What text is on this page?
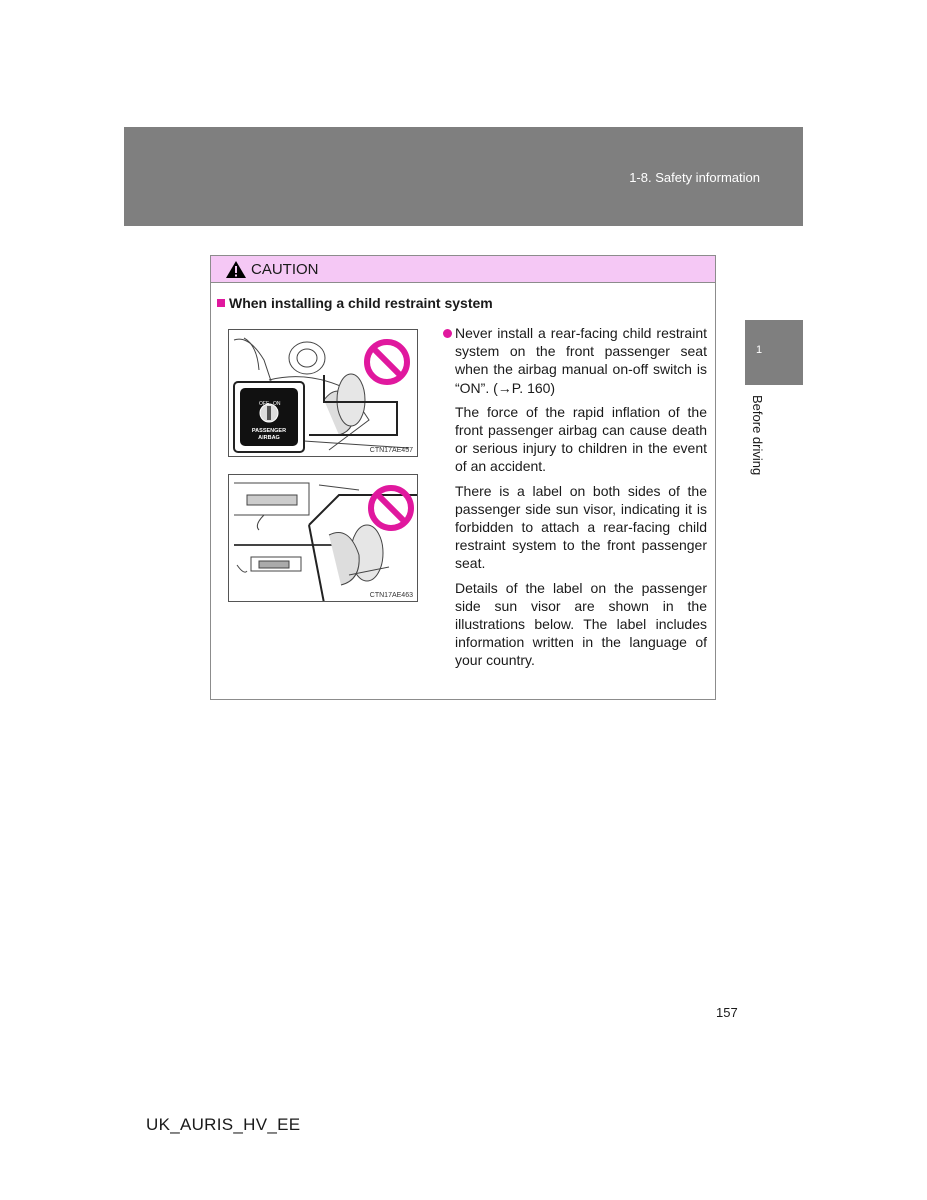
1-8. Safety information
1
Before driving
CAUTION
When installing a child restraint system
OFF ON
PASSENGER
AIRBAG
CTN17AE457
CTN17AE463

Never install a rear-facing child restraint system on the front passenger seat when the airbag manual on-off switch is “ON”. (→P. 160)

The force of the rapid inflation of the front passenger airbag can cause death or serious injury to children in the event of an accident.

There is a label on both sides of the passenger side sun visor, indicating it is forbidden to attach a rear-facing child restraint system to the front passenger seat.

Details of the label on the passenger side sun visor are shown in the illustrations below. The label includes information written in the language of your country.

157
UK_AURIS_HV_EE
